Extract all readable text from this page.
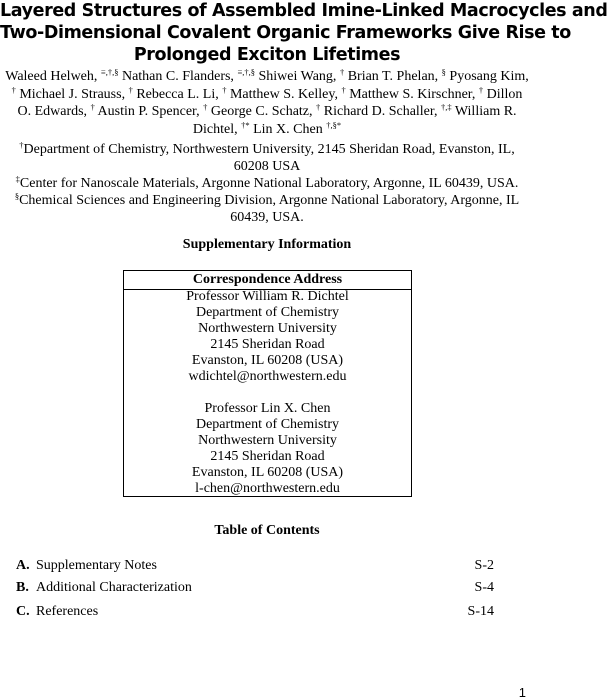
Layered Structures of Assembled Imine-Linked Macrocycles and
Two-Dimensional Covalent Organic Frameworks Give Rise to
Prolonged Exciton Lifetimes
Waleed Helweh, ≡,†,§ Nathan C. Flanders, ≡,†,§ Shiwei Wang, † Brian T. Phelan, § Pyosang Kim, † Michael J. Strauss, † Rebecca L. Li, † Matthew S. Kelley, † Matthew S. Kirschner, † Dillon O. Edwards, † Austin P. Spencer, † George C. Schatz, † Richard D. Schaller, †,‡ William R. Dichtel, †* Lin X. Chen †,§*
†Department of Chemistry, Northwestern University, 2145 Sheridan Road, Evanston, IL, 60208 USA
‡Center for Nanoscale Materials, Argonne National Laboratory, Argonne, IL 60439, USA.
§Chemical Sciences and Engineering Division, Argonne National Laboratory, Argonne, IL 60439, USA.
Supplementary Information
Correspondence Address
Professor William R. Dichtel
Department of Chemistry
Northwestern University
2145 Sheridan Road
Evanston, IL 60208 (USA)
wdichtel@northwestern.edu
Professor Lin X. Chen
Department of Chemistry
Northwestern University
2145 Sheridan Road
Evanston, IL 60208 (USA)
l-chen@northwestern.edu
Table of Contents
A. Supplementary Notes	S-2
B. Additional Characterization	S-4
C. References	S-14
1
